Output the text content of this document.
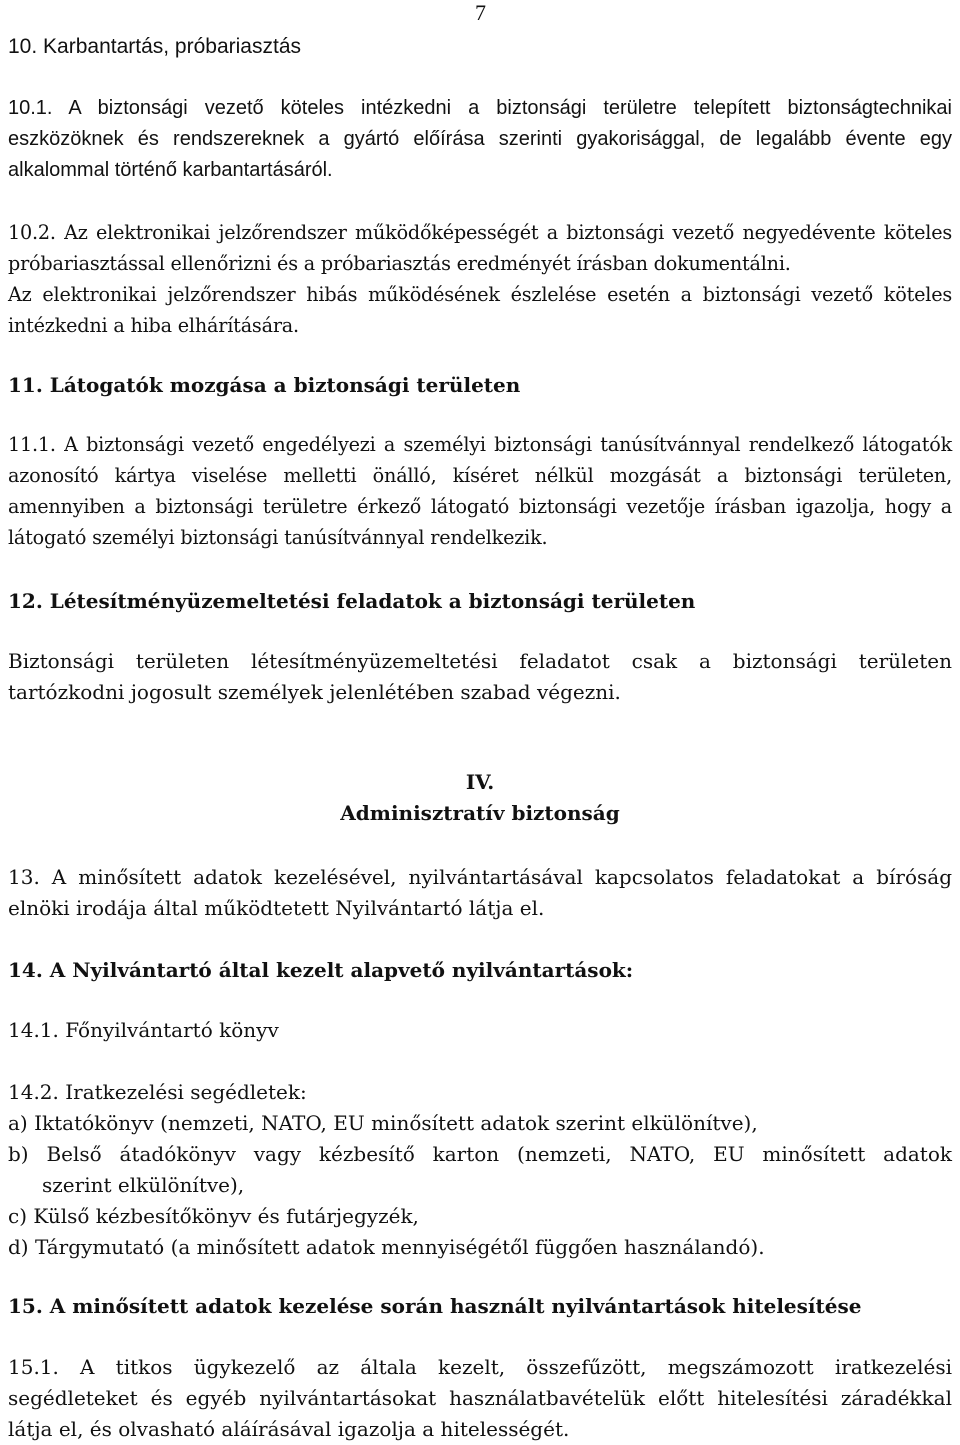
7
10. Karbantartás, próbariasztás
10.1. A biztonsági vezető köteles intézkedni a biztonsági területre telepített biztonságtechnikai eszközöknek és rendszereknek a gyártó előírása szerinti gyakorisággal, de legalább évente egy alkalommal történő karbantartásáról.
10.2. Az elektronikai jelzőrendszer működőképességét a biztonsági vezető negyedévente köteles próbariasztással ellenőrizni és a próbariasztás eredményét írásban dokumentálni.
Az elektronikai jelzőrendszer hibás működésének észlelése esetén a biztonsági vezető köteles intézkedni a hiba elhárítására.
11. Látogatók mozgása a biztonsági területen
11.1. A biztonsági vezető engedélyezi a személyi biztonsági tanúsítvánnyal rendelkező látogatók azonosító kártya viselése melletti önálló, kíséret nélkül mozgását a biztonsági területen, amennyiben a biztonsági területre érkező látogató biztonsági vezetője írásban igazolja, hogy a látogató személyi biztonsági tanúsítvánnyal rendelkezik.
12. Létesítményüzemeltetési feladatok a biztonsági területen
Biztonsági területen létesítményüzemeltetési feladatot csak a biztonsági területen tartózkodni jogosult személyek jelenlétében szabad végezni.
IV.
Adminisztratív biztonság
13. A minősített adatok kezelésével, nyilvántartásával kapcsolatos feladatokat a bíróság elnöki irodája által működtetett Nyilvántartó látja el.
14. A Nyilvántartó által kezelt alapvető nyilvántartások:
14.1. Főnyilvántartó könyv
14.2. Iratkezelési segédletek:
a) Iktatókönyv (nemzeti, NATO, EU minősített adatok szerint elkülönítve),
b) Belső átadókönyv vagy kézbesítő karton (nemzeti, NATO, EU minősített adatok
szerint elkülönítve),
c) Külső kézbesítőkönyv és futárjegyzék,
d) Tárgymutató (a minősített adatok mennyiségétől függően használandó).
15. A minősített adatok kezelése során használt nyilvántartások hitelesítése
15.1. A titkos ügykezelő az általa kezelt, összefűzött, megszámozott iratkezelési segédleteket és egyéb nyilvántartásokat használatbavételük előtt hitelesítési záradékkal látja el, és olvasható aláírásával igazolja a hitelességét.
